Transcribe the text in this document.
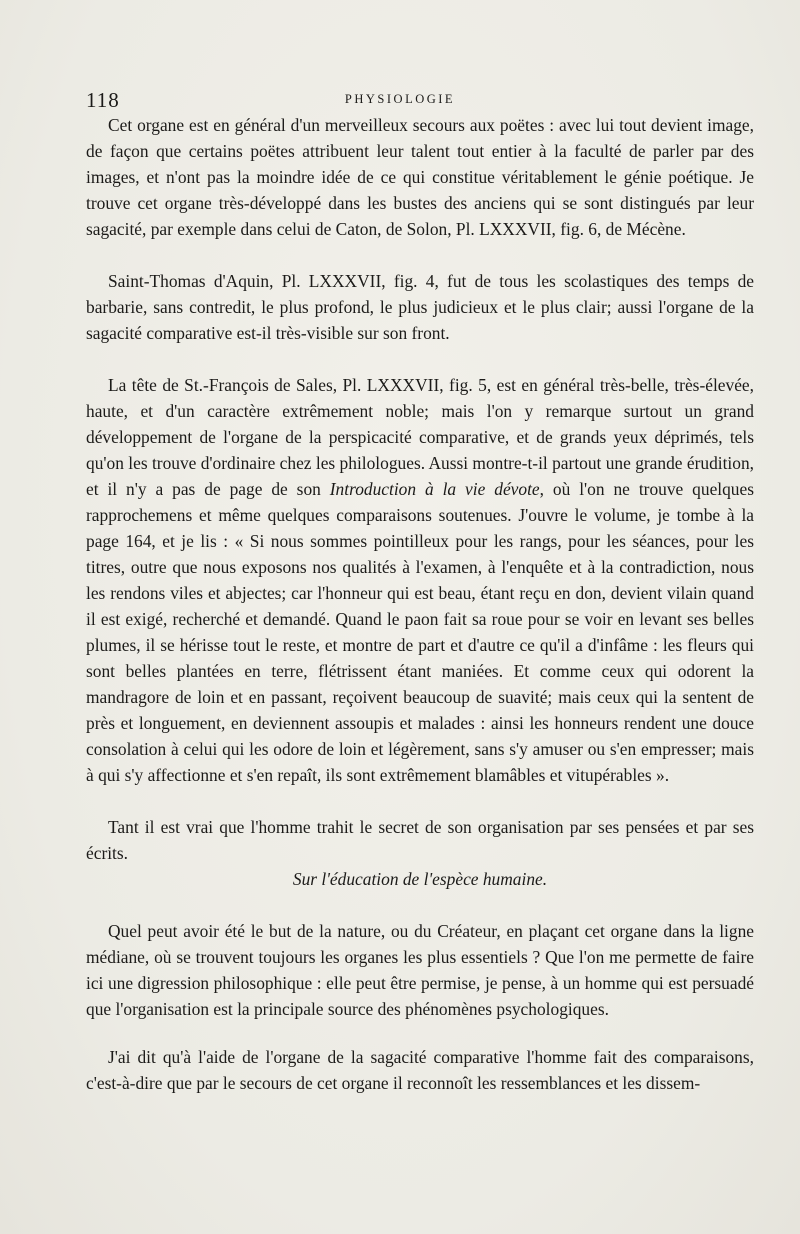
118	PHYSIOLOGIE

Cet organe est en général d'un merveilleux secours aux poëtes : avec lui tout devient image, de façon que certains poëtes attribuent leur talent tout entier à la faculté de parler par des images, et n'ont pas la moindre idée de ce qui constitue véritablement le génie poétique. Je trouve cet organe très-développé dans les bustes des anciens qui se sont distingués par leur sagacité, par exemple dans celui de Caton, de Solon, Pl. LXXXVII, fig. 6, de Mécène.

Saint-Thomas d'Aquin, Pl. LXXXVII, fig. 4, fut de tous les scolastiques des temps de barbarie, sans contredit, le plus profond, le plus judicieux et le plus clair; aussi l'organe de la sagacité comparative est-il très-visible sur son front.

La tête de St.-François de Sales, Pl. LXXXVII, fig. 5, est en général très-belle, très-élevée, haute, et d'un caractère extrêmement noble; mais l'on y remarque surtout un grand développement de l'organe de la perspicacité comparative, et de grands yeux déprimés, tels qu'on les trouve d'ordinaire chez les philologues. Aussi montre-t-il partout une grande érudition, et il n'y a pas de page de son Introduction à la vie dévote, où l'on ne trouve quelques rapprochemens et même quelques comparaisons soutenues. J'ouvre le volume, je tombe à la page 164, et je lis : « Si nous sommes pointilleux pour les rangs, pour les séances, pour les titres, outre que nous exposons nos qualités à l'examen, à l'enquête et à la contradiction, nous les rendons viles et abjectes; car l'honneur qui est beau, étant reçu en don, devient vilain quand il est exigé, recherché et demandé. Quand le paon fait sa roue pour se voir en levant ses belles plumes, il se hérisse tout le reste, et montre de part et d'autre ce qu'il a d'infâme : les fleurs qui sont belles plantées en terre, flétrissent étant maniées. Et comme ceux qui odorent la mandragore de loin et en passant, reçoivent beaucoup de suavité; mais ceux qui la sentent de près et longuement, en deviennent assoupis et malades : ainsi les honneurs rendent une douce consolation à celui qui les odore de loin et légèrement, sans s'y amuser ou s'en empresser; mais à qui s'y affectionne et s'en repaît, ils sont extrêmement blamâbles et vitupérables ».

Tant il est vrai que l'homme trahit le secret de son organisation par ses pensées et par ses écrits.

Sur l'éducation de l'espèce humaine.

Quel peut avoir été le but de la nature, ou du Créateur, en plaçant cet organe dans la ligne médiane, où se trouvent toujours les organes les plus essentiels ? Que l'on me permette de faire ici une digression philosophique : elle peut être permise, je pense, à un homme qui est persuadé que l'organisation est la principale source des phénomènes psychologiques.

J'ai dit qu'à l'aide de l'organe de la sagacité comparative l'homme fait des comparaisons, c'est-à-dire que par le secours de cet organe il reconnoît les ressemblances et les dissem-
